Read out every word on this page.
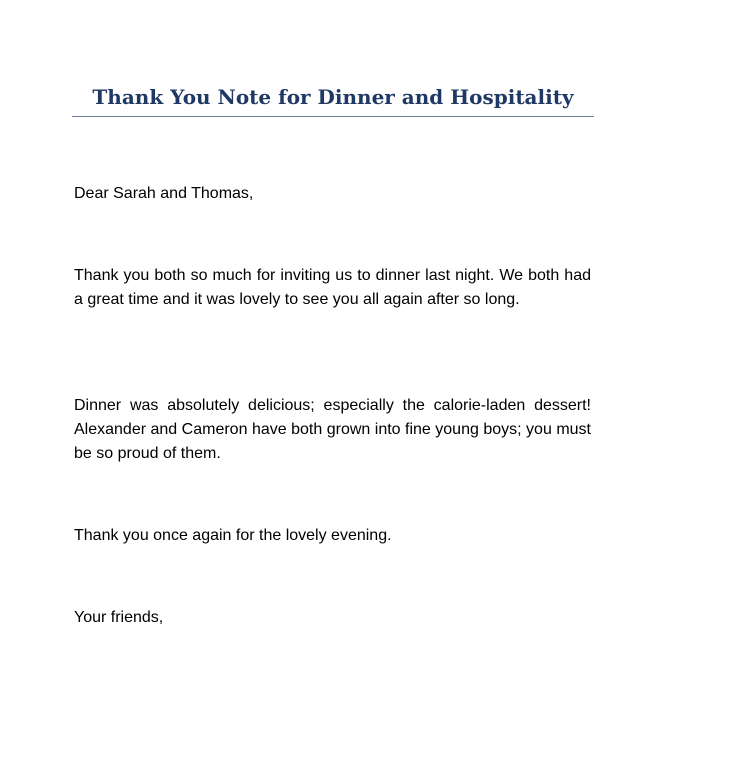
Thank You Note for Dinner and Hospitality

Dear Sarah and Thomas,

Thank you both so much for inviting us to dinner last night. We both had a great time and it was lovely to see you all again after so long.

Dinner was absolutely delicious; especially the calorie-laden dessert! Alexander and Cameron have both grown into fine young boys; you must be so proud of them.

Thank you once again for the lovely evening.

Your friends,
